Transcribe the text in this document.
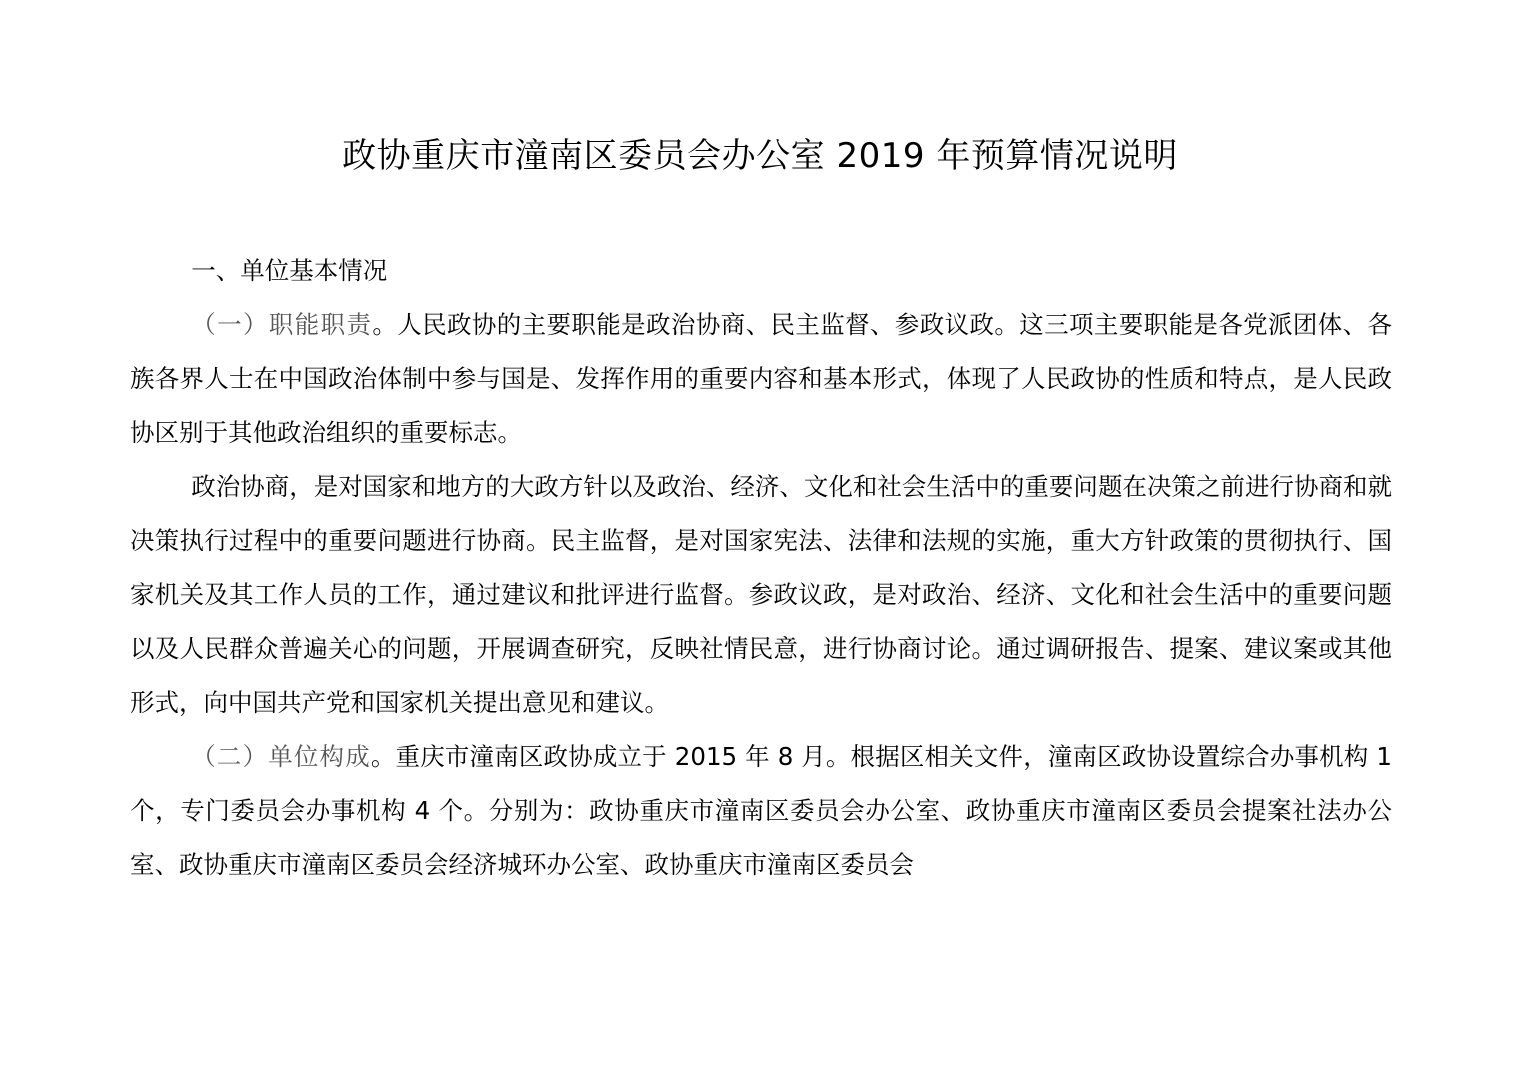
政协重庆市潼南区委员会办公室 2019 年预算情况说明

一、单位基本情况

（一）职能职责。人民政协的主要职能是政治协商、民主监督、参政议政。这三项主要职能是各党派团体、各族各界人士在中国政治体制中参与国是、发挥作用的重要内容和基本形式，体现了人民政协的性质和特点，是人民政协区别于其他政治组织的重要标志。

政治协商，是对国家和地方的大政方针以及政治、经济、文化和社会生活中的重要问题在决策之前进行协商和就决策执行过程中的重要问题进行协商。民主监督，是对国家宪法、法律和法规的实施，重大方针政策的贯彻执行、国家机关及其工作人员的工作，通过建议和批评进行监督。参政议政，是对政治、经济、文化和社会生活中的重要问题以及人民群众普遍关心的问题，开展调查研究，反映社情民意，进行协商讨论。通过调研报告、提案、建议案或其他形式，向中国共产党和国家机关提出意见和建议。

（二）单位构成。重庆市潼南区政协成立于 2015 年 8 月。根据区相关文件，潼南区政协设置综合办事机构 1 个，专门委员会办事机构 4 个。分别为：政协重庆市潼南区委员会办公室、政协重庆市潼南区委员会提案社法办公室、政协重庆市潼南区委员会经济城环办公室、政协重庆市潼南区委员会
